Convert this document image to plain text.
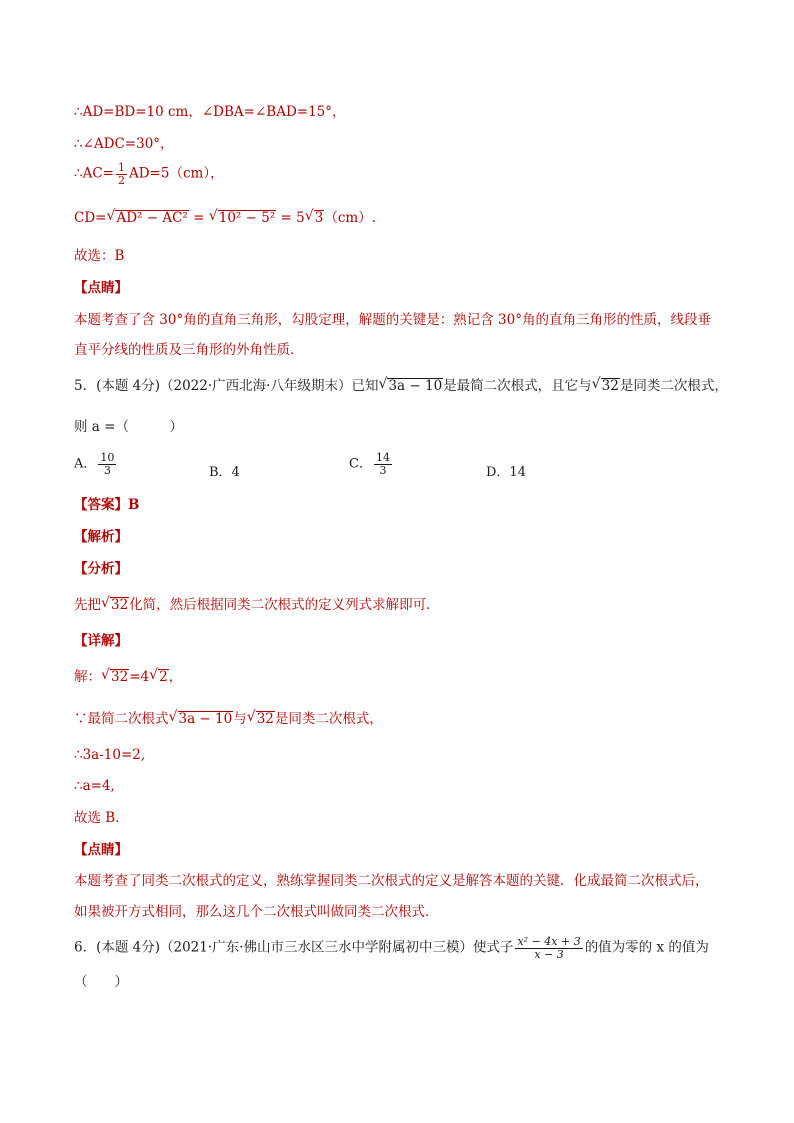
∴AD=BD=10 cm，∠DBA=∠BAD=15°，
∴∠ADC=30°，
∴AC= $\frac{1}{2} AD=5(cm)$，
CD= √ AD² − AC² = √ 10² − 5² = 5 √ 3（cm）.
故选：B
【点睛】
本题考查了含 30°角的直角三角形，勾股定理，解题的关键是：熟记含 30°角的直角三角形的性质，线段垂
直平分线的性质及三角形的外角性质．
5．(本题 4分)（2022·广西北海·八年级期末）已知 √ 3a − 10是最简二次根式，且它与 √ 32是同类二次根式，
则 a =（　　　）
A． $\frac{10}{3}$	B．4
C． $\frac{14}{3}$	D．14
【答案】B
【解析】
【分析】
先把 √ 32化简，然后根据同类二次根式的定义列式求解即可．
【详解】
解： √ 32=4 √ 2，
∵最简二次根式 √ 3a − 10与 √ 32是同类二次根式，
∴3a-10=2,
∴a=4,
故选 B．
【点睛】
本题考查了同类二次根式的定义，熟练掌握同类二次根式的定义是解答本题的关键．化成最简二次根式后，
如果被开方式相同，那么这几个二次根式叫做同类二次根式．
6．(本题 4分)（2021·广东·佛山市三水区三水中学附属初中三模）使式子 $\frac{\text{x² − 4x + 3}}{x - 3}$ 的值为零的 x 的值为
（　　）
